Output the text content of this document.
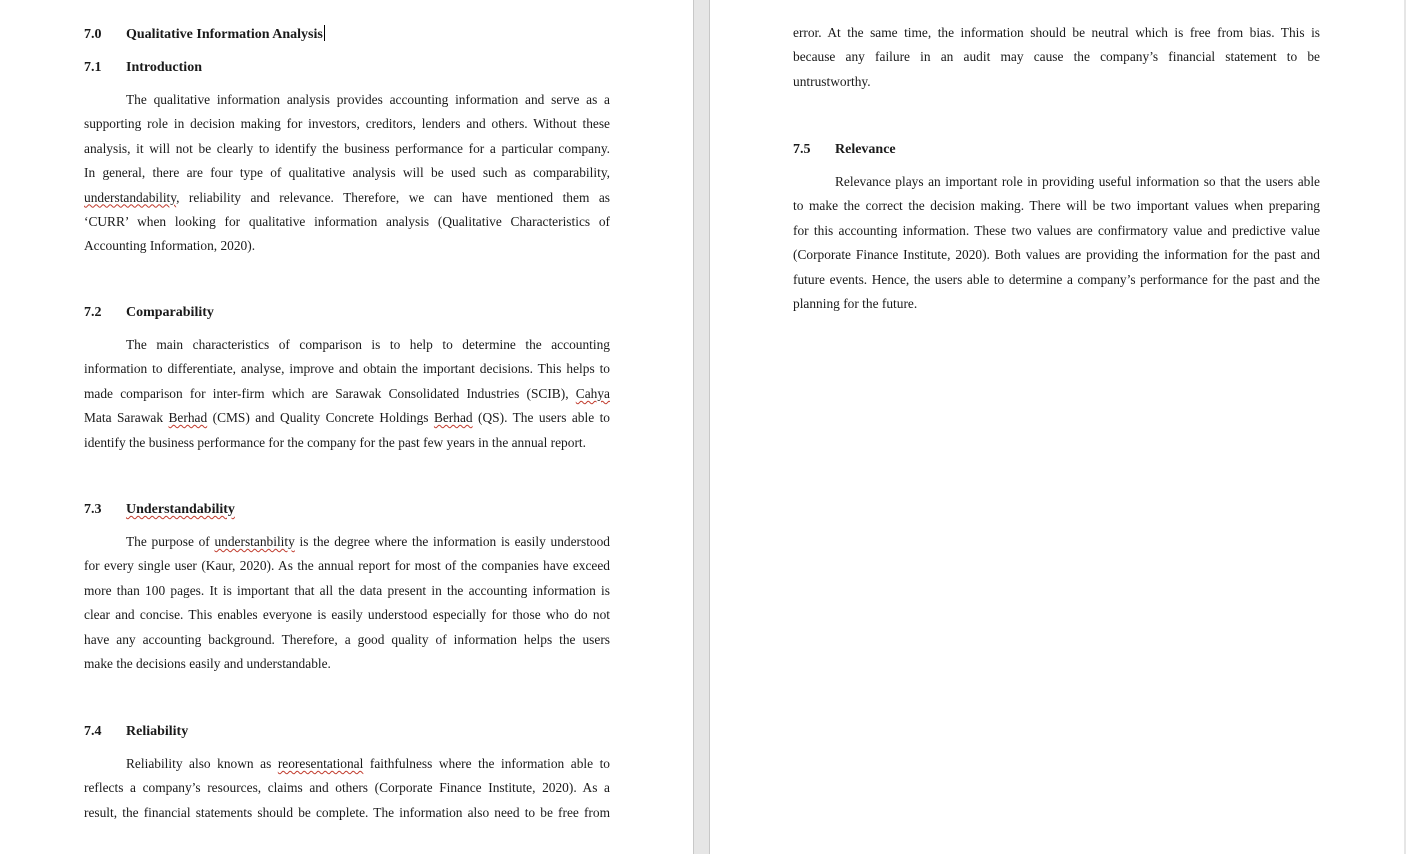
7.0 Qualitative Information Analysis
7.1 Introduction
The qualitative information analysis provides accounting information and serve as a
supporting role in decision making for investors, creditors, lenders and others. Without these
analysis, it will not be clearly to identify the business performance for a particular company.
In general, there are four type of qualitative analysis will be used such as comparability,
understandability, reliability and relevance. Therefore, we can have mentioned them as
‘CURR’ when looking for qualitative information analysis (Qualitative Characteristics of
Accounting Information, 2020).
7.2 Comparability
The main characteristics of comparison is to help to determine the accounting
information to differentiate, analyse, improve and obtain the important decisions. This helps to
made comparison for inter-firm which are Sarawak Consolidated Industries (SCIB), Cahya
Mata Sarawak Berhad (CMS) and Quality Concrete Holdings Berhad (QS). The users able to
identify the business performance for the company for the past few years in the annual report.
7.3 Understandability
The purpose of understanbility is the degree where the information is easily understood
for every single user (Kaur, 2020). As the annual report for most of the companies have exceed
more than 100 pages. It is important that all the data present in the accounting information is
clear and concise. This enables everyone is easily understood especially for those who do not
have any accounting background. Therefore, a good quality of information helps the users
make the decisions easily and understandable.
7.4 Reliability
Reliability also known as reoresentational faithfulness where the information able to
reflects a company’s resources, claims and others (Corporate Finance Institute, 2020). As a
result, the financial statements should be complete. The information also need to be free from
error. At the same time, the information should be neutral which is free from bias. This is
because any failure in an audit may cause the company’s financial statement to be
untrustworthy.
7.5 Relevance
Relevance plays an important role in providing useful information so that the users able
to make the correct the decision making. There will be two important values when preparing
for this accounting information. These two values are confirmatory value and predictive value
(Corporate Finance Institute, 2020). Both values are providing the information for the past and
future events. Hence, the users able to determine a company’s performance for the past and the
planning for the future.
